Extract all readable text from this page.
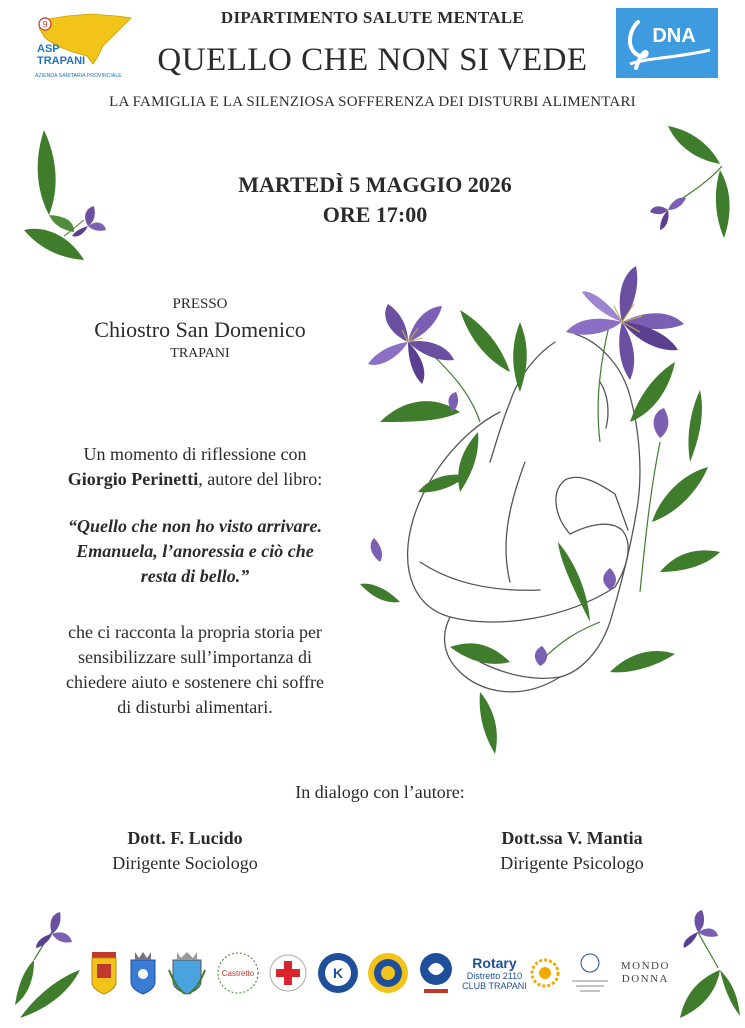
9
ASP
TRAPANI
AZIENDA SANITARIA PROVINCIALE
DIPARTIMENTO SALUTE MENTALE
QUELLO CHE NON SI VEDE
LA FAMIGLIA E LA SILENZIOSA SOFFERENZA DEI DISTURBI ALIMENTARI
DNA
MARTEDÌ 5 MAGGIO 2026
ORE 17:00
PRESSO
Chiostro San Domenico
TRAPANI
Un momento di riflessione con
Giorgio Perinetti, autore del libro:
“Quello che non ho visto arrivare.
Emanuela, l’anoressia e ciò che
resta di bello.”
che ci racconta la propria storia per
sensibilizzare sull’importanza di
chiedere aiuto e sostenere chi soffre
di disturbi alimentari.
In dialogo con l’autore:
Dott. F. Lucido
Dirigente Sociologo
Dott.ssa V. Mantia
Dirigente Psicologo
Castretto	K
Rotary
Distretto 2110
CLUB TRAPANI
MONDO
DONNA
